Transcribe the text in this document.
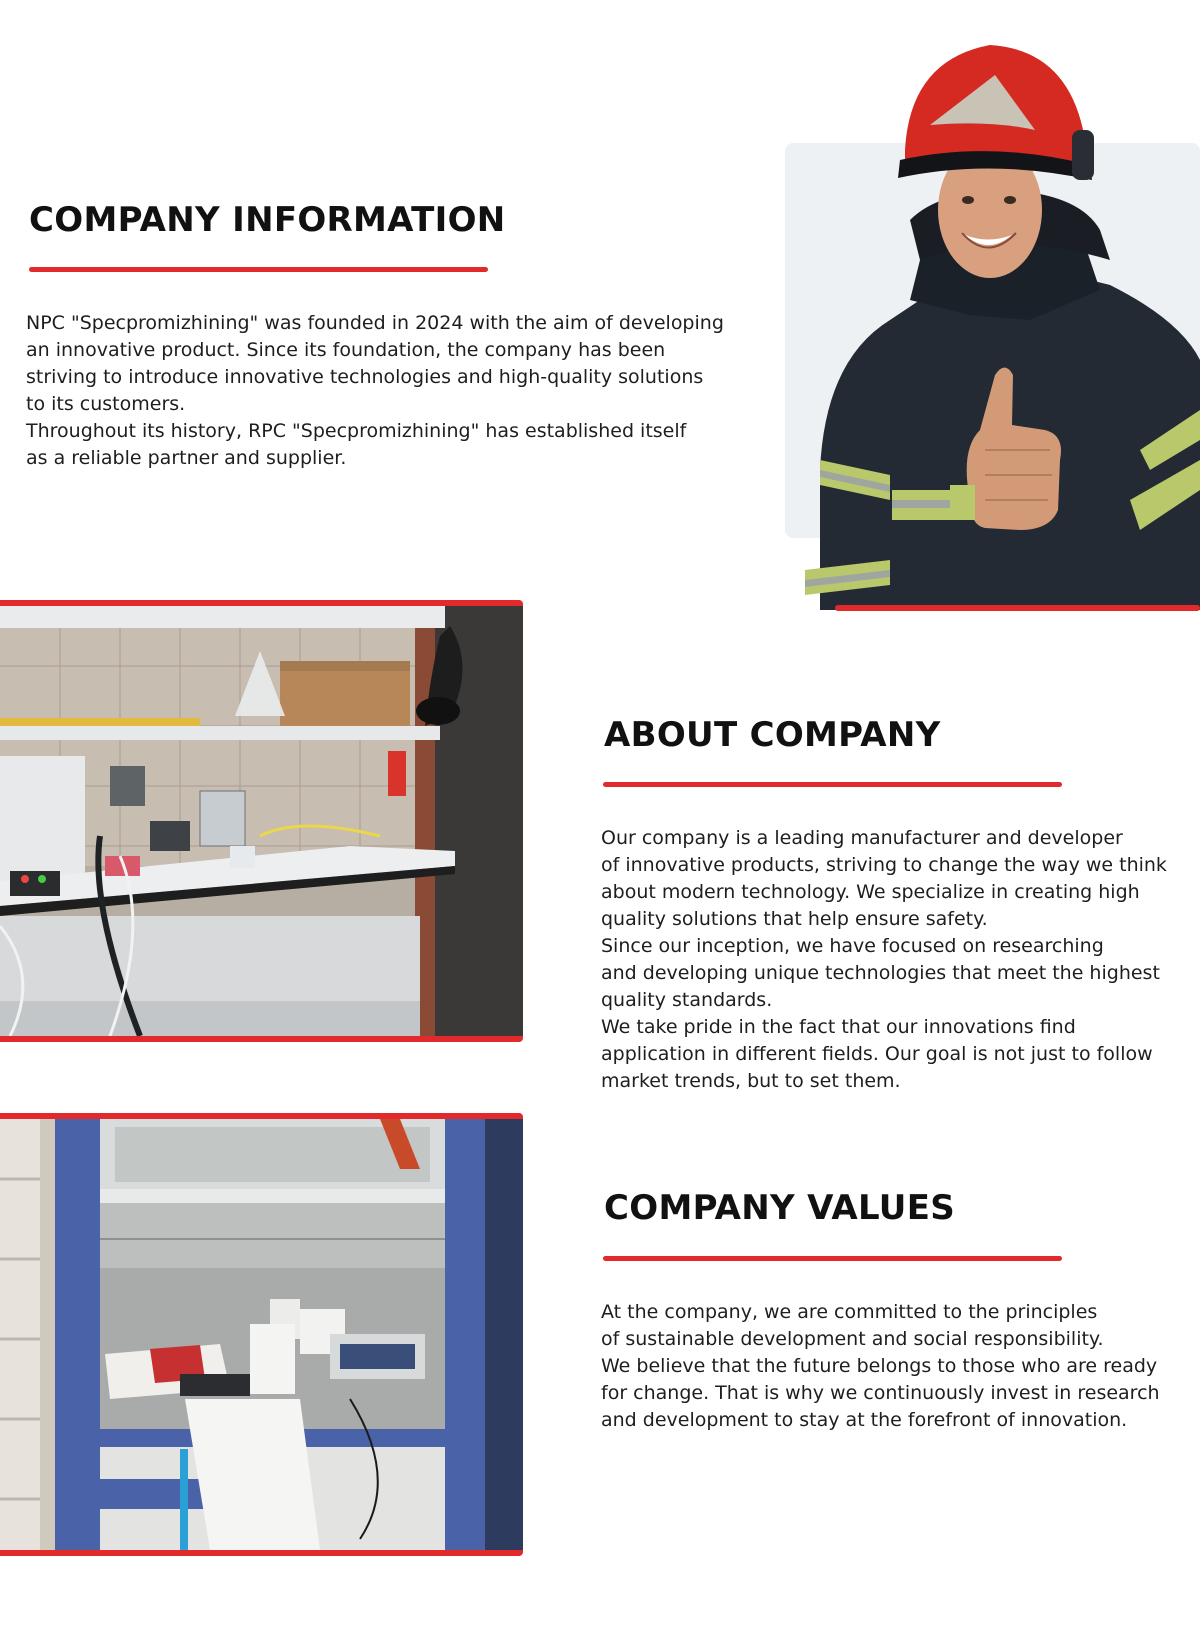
COMPANY INFORMATION
NPC "Specpromizhining" was founded in 2024 with the aim of developing
an innovative product. Since its foundation, the company has been
striving to introduce innovative technologies and high-quality solutions
to its customers.
Throughout its history, RPC "Specpromizhining" has established itself
as a reliable partner and supplier.
ABOUT COMPANY
Our company is a leading manufacturer and developer
of innovative products, striving to change the way we think
about modern technology. We specialize in creating high
quality solutions that help ensure safety.
Since our inception, we have focused on researching
and developing unique technologies that meet the highest
quality standards.
We take pride in the fact that our innovations find
application in different fields. Our goal is not just to follow
market trends, but to set them.
COMPANY VALUES
At the company, we are committed to the principles
of sustainable development and social responsibility.
We believe that the future belongs to those who are ready
for change. That is why we continuously invest in research
and development to stay at the forefront of innovation.
